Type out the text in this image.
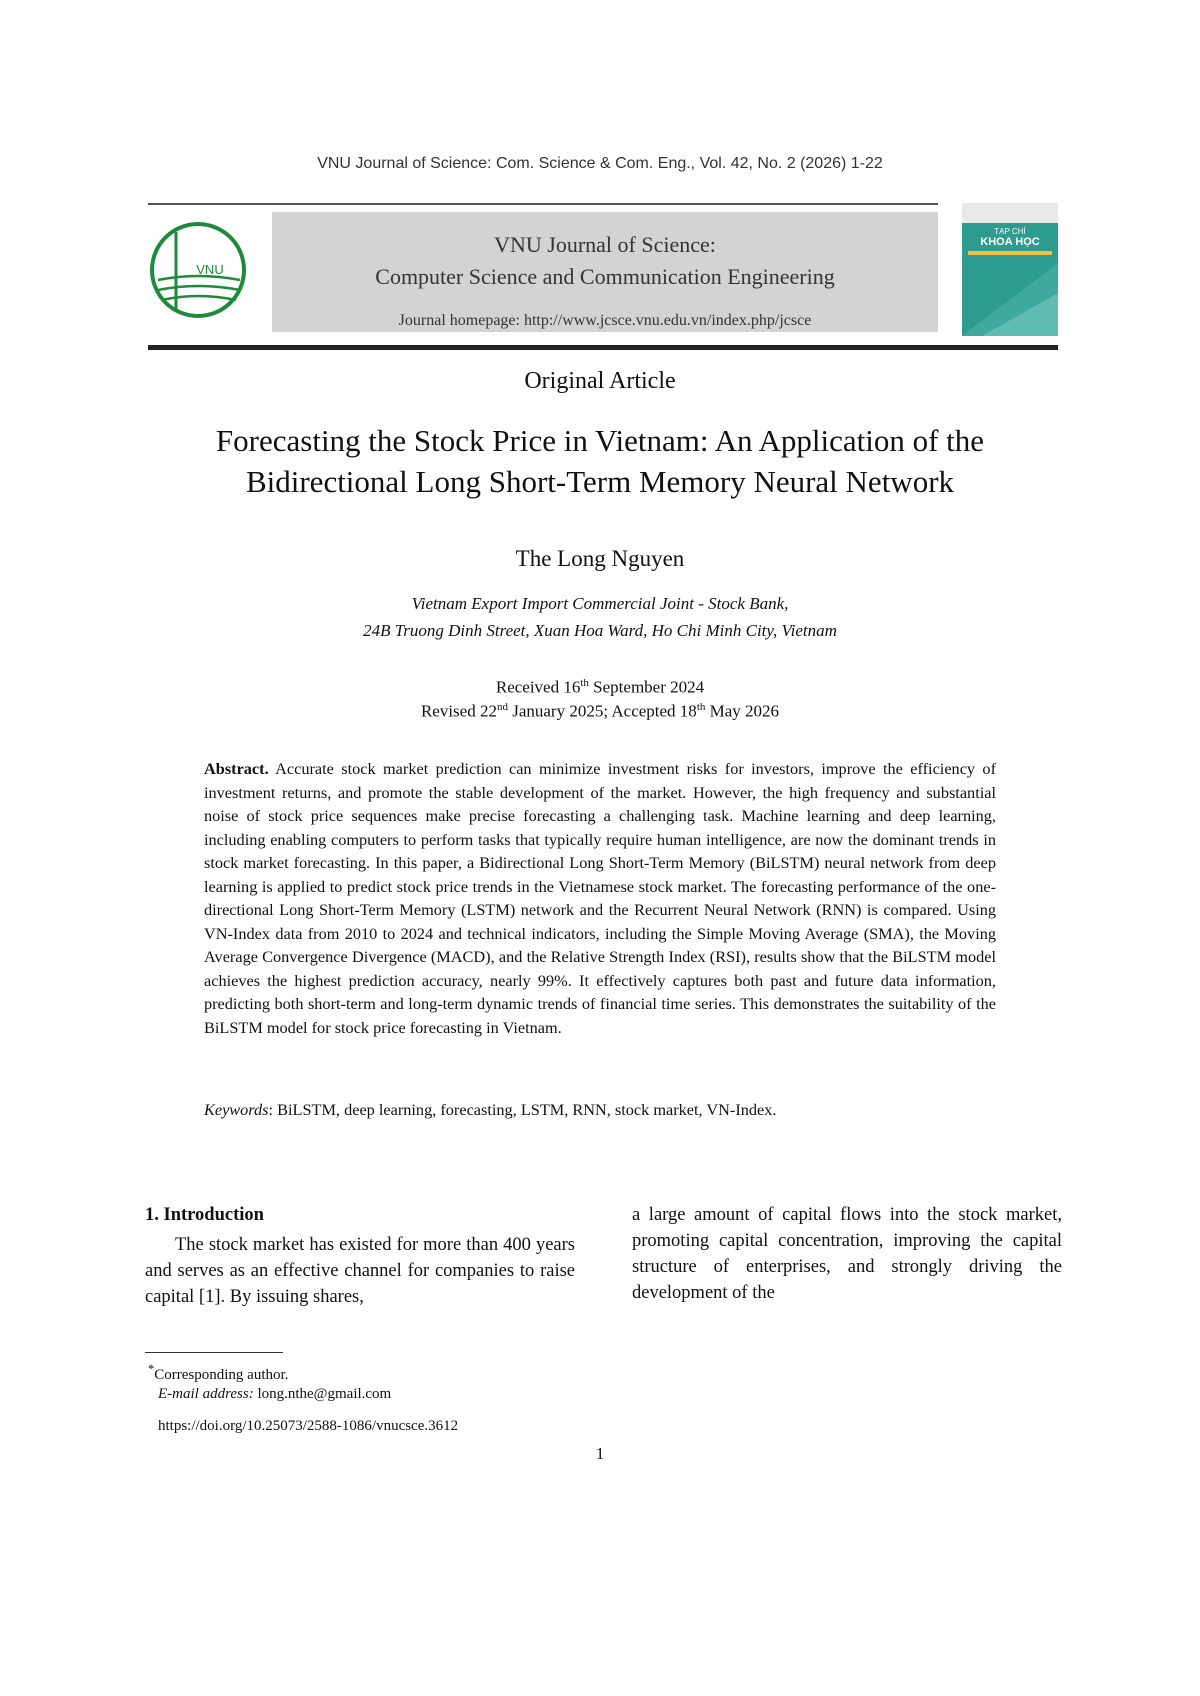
VNU Journal of Science: Com. Science & Com. Eng., Vol. 42, No. 2 (2026) 1-22
VNU
VNU Journal of Science:
Computer Science and Communication Engineering
Journal homepage: http://www.jcsce.vnu.edu.vn/index.php/jcsce
TẠP CHÍ
KHOA HỌC
Original Article
Forecasting the Stock Price in Vietnam: An Application of the
Bidirectional Long Short-Term Memory Neural Network
The Long Nguyen
Vietnam Export Import Commercial Joint - Stock Bank,
24B Truong Dinh Street, Xuan Hoa Ward, Ho Chi Minh City, Vietnam
Received 16th September 2024
Revised 22nd January 2025; Accepted 18th May 2026
Abstract. Accurate stock market prediction can minimize investment risks for investors, improve the efficiency of investment returns, and promote the stable development of the market. However, the high frequency and substantial noise of stock price sequences make precise forecasting a challenging task. Machine learning and deep learning, including enabling computers to perform tasks that typically require human intelligence, are now the dominant trends in stock market forecasting. In this paper, a Bidirectional Long Short-Term Memory (BiLSTM) neural network from deep learning is applied to predict stock price trends in the Vietnamese stock market. The forecasting performance of the one-directional Long Short-Term Memory (LSTM) network and the Recurrent Neural Network (RNN) is compared. Using VN-Index data from 2010 to 2024 and technical indicators, including the Simple Moving Average (SMA), the Moving Average Convergence Divergence (MACD), and the Relative Strength Index (RSI), results show that the BiLSTM model achieves the highest prediction accuracy, nearly 99%. It effectively captures both past and future data information, predicting both short-term and long-term dynamic trends of financial time series. This demonstrates the suitability of the BiLSTM model for stock price forecasting in Vietnam.
Keywords: BiLSTM, deep learning, forecasting, LSTM, RNN, stock market, VN-Index.
1. Introduction

The stock market has existed for more than 400 years and serves as an effective channel for companies to raise capital [1]. By issuing shares,

a large amount of capital flows into the stock market, promoting capital concentration, improving the capital structure of enterprises, and strongly driving the development of the

*Corresponding author.
E-mail address: long.nthe@gmail.com
https://doi.org/10.25073/2588-1086/vnucsce.3612
1
